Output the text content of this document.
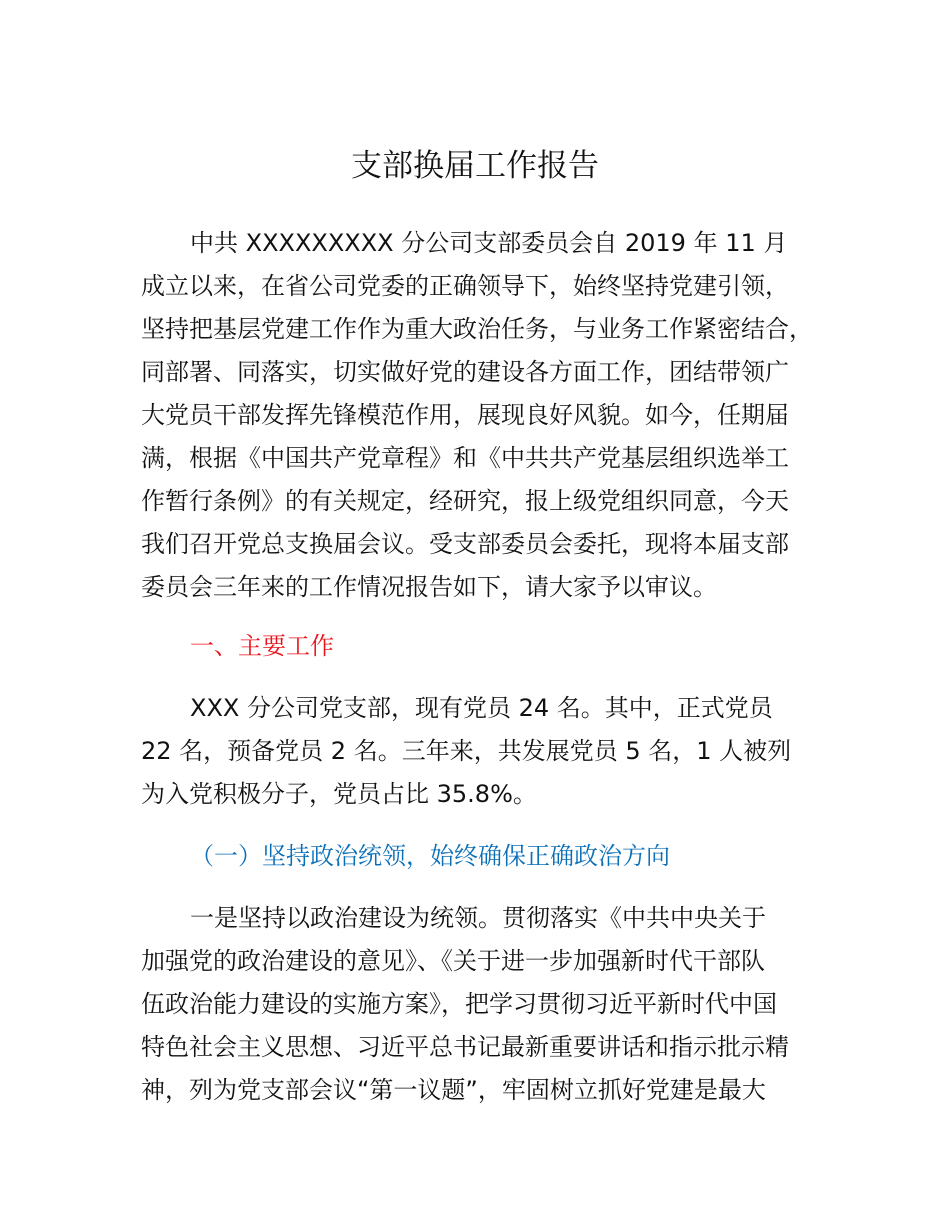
支部换届工作报告

中共 XXXXXXXXX 分公司支部委员会自 2019 年 11 月

成立以来，在省公司党委的正确领导下，始终坚持党建引领，

坚持把基层党建工作作为重大政治任务，与业务工作紧密结合，

同部署、同落实，切实做好党的建设各方面工作，团结带领广

大党员干部发挥先锋模范作用，展现良好风貌。如今，任期届

满，根据《中国共产党章程》和《中共共产党基层组织选举工

作暂行条例》的有关规定，经研究，报上级党组织同意，今天

我们召开党总支换届会议。受支部委员会委托，现将本届支部

委员会三年来的工作情况报告如下，请大家予以审议。

一、主要工作

XXX 分公司党支部，现有党员 24 名。其中，正式党员

22 名，预备党员 2 名。三年来，共发展党员 5 名，1 人被列

为入党积极分子，党员占比 35.8%。

（一）坚持政治统领，始终确保正确政治方向

一是坚持以政治建设为统领。贯彻落实《中共中央关于

加强党的政治建设的意见》、《关于进一步加强新时代干部队

伍政治能力建设的实施方案》，把学习贯彻习近平新时代中国

特色社会主义思想、习近平总书记最新重要讲话和指示批示精

神，列为党支部会议“第一议题”，牢固树立抓好党建是最大
